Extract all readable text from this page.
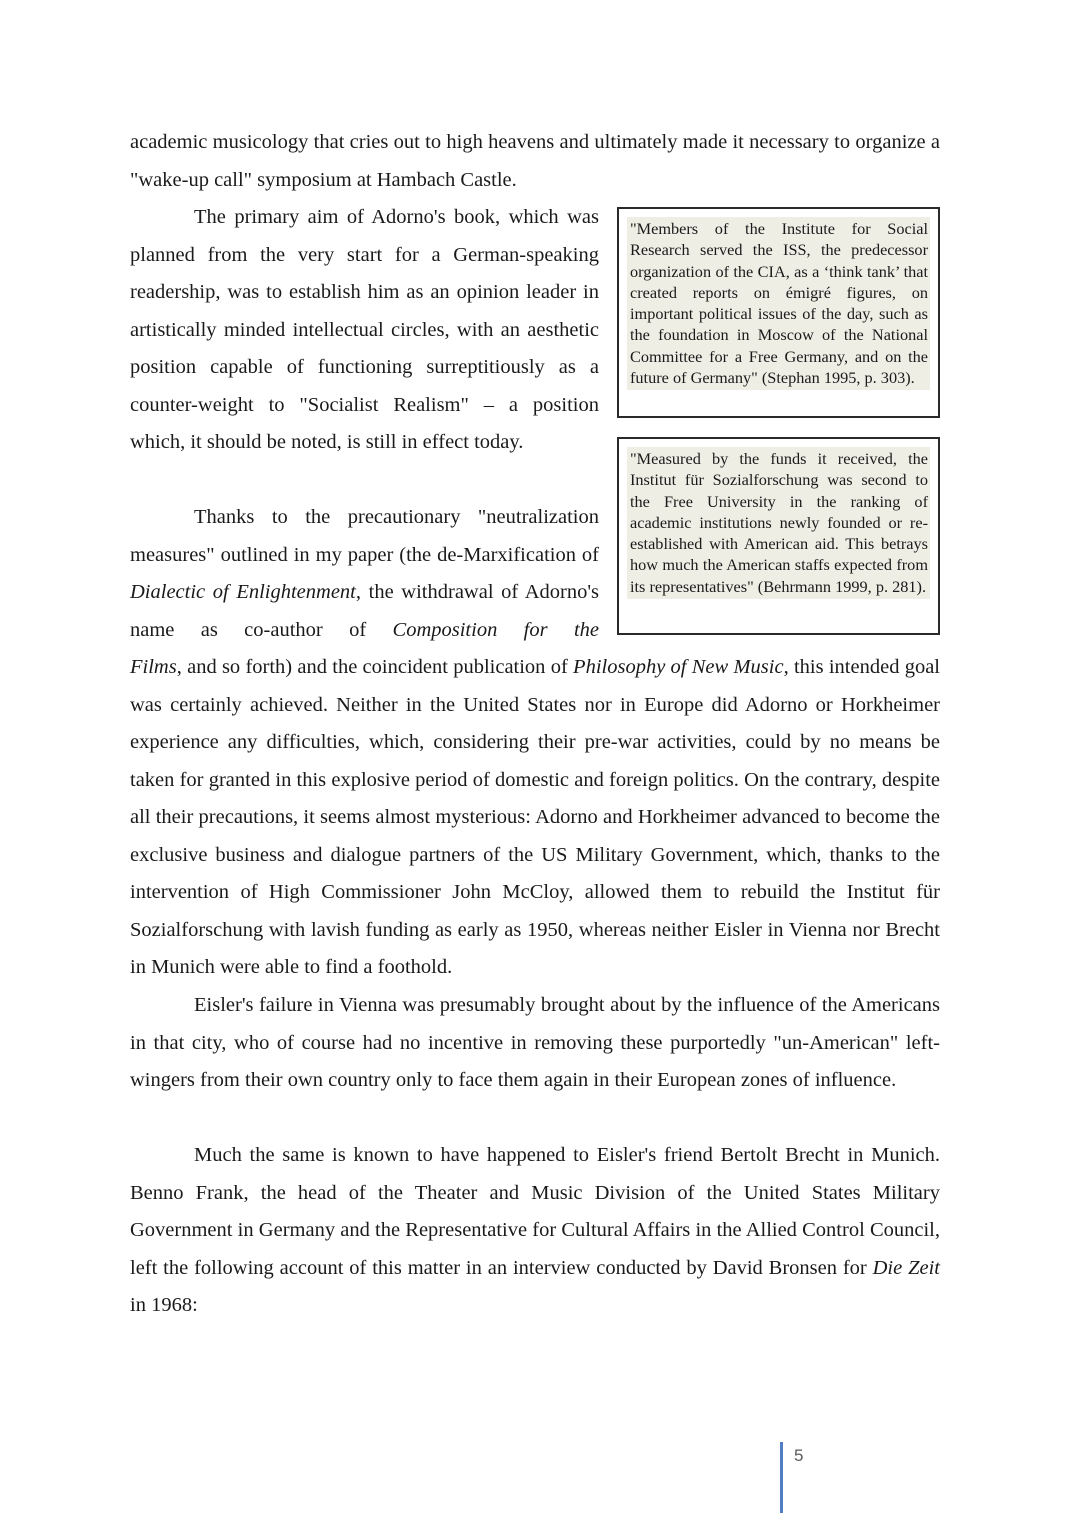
academic musicology that cries out to high heavens and ultimately made it necessary to organize a "wake-up call" symposium at Hambach Castle.

The primary aim of Adorno's book, which was planned from the very start for a German-speaking readership, was to establish him as an opinion leader in artistically minded intellectual circles, with an aesthetic position capable of functioning surreptitiously as a counter-weight to "Socialist Realism" – a position which, it should be noted, is still in effect today.

Thanks to the precautionary "neutralization measures" outlined in my paper (the de-Marxification of Dialectic of Enlightenment, the withdrawal of Adorno's name as co-author of Composition for the

Films, and so forth) and the coincident publication of Philosophy of New Music, this intended goal was certainly achieved. Neither in the United States nor in Europe did Adorno or Horkheimer experience any difficulties, which, considering their pre-war activities, could by no means be taken for granted in this explosive period of domestic and foreign politics. On the contrary, despite all their precautions, it seems almost mysterious: Adorno and Horkheimer advanced to become the exclusive business and dialogue partners of the US Military Government, which, thanks to the intervention of High Commissioner John McCloy, allowed them to rebuild the Institut für Sozialforschung with lavish funding as early as 1950, whereas neither Eisler in Vienna nor Brecht in Munich were able to find a foothold.

Eisler's failure in Vienna was presumably brought about by the influence of the Americans in that city, who of course had no incentive in removing these purportedly "un-American" left-wingers from their own country only to face them again in their European zones of influence.

Much the same is known to have happened to Eisler's friend Bertolt Brecht in Munich. Benno Frank, the head of the Theater and Music Division of the United States Military Government in Germany and the Representative for Cultural Affairs in the Allied Control Council, left the following account of this matter in an interview conducted by David Bronsen for Die Zeit in 1968:

"Members of the Institute for Social Research served the ISS, the predecessor organization of the CIA, as a ‘think tank’ that created reports on émigré figures, on important political issues of the day, such as the foundation in Moscow of the National Committee for a Free Germany, and on the future of Germany" (Stephan 1995, p. 303).

"Measured by the funds it received, the Institut für Sozialforschung was second to the Free University in the ranking of academic institutions newly founded or re-established with American aid. This betrays how much the American staffs expected from its representatives" (Behrmann 1999, p. 281).

5
